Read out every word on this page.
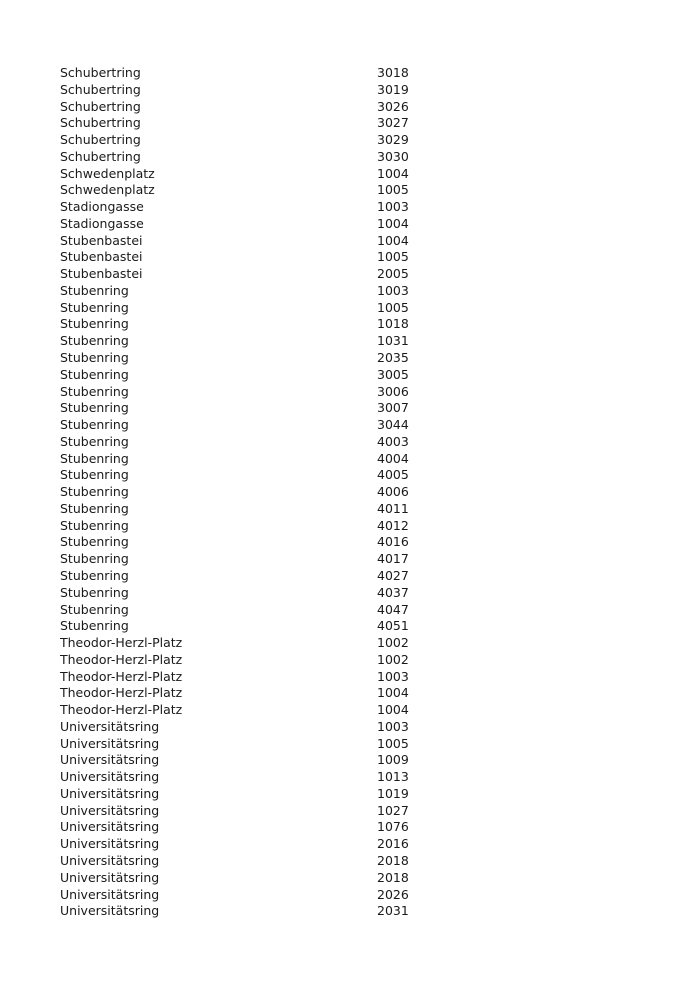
Schubertring	3018
Schubertring	3019
Schubertring	3026
Schubertring	3027
Schubertring	3029
Schubertring	3030
Schwedenplatz	1004
Schwedenplatz	1005
Stadiongasse	1003
Stadiongasse	1004
Stubenbastei	1004
Stubenbastei	1005
Stubenbastei	2005
Stubenring	1003
Stubenring	1005
Stubenring	1018
Stubenring	1031
Stubenring	2035
Stubenring	3005
Stubenring	3006
Stubenring	3007
Stubenring	3044
Stubenring	4003
Stubenring	4004
Stubenring	4005
Stubenring	4006
Stubenring	4011
Stubenring	4012
Stubenring	4016
Stubenring	4017
Stubenring	4027
Stubenring	4037
Stubenring	4047
Stubenring	4051
Theodor-Herzl-Platz	1002
Theodor-Herzl-Platz	1002
Theodor-Herzl-Platz	1003
Theodor-Herzl-Platz	1004
Theodor-Herzl-Platz	1004
Universitätsring	1003
Universitätsring	1005
Universitätsring	1009
Universitätsring	1013
Universitätsring	1019
Universitätsring	1027
Universitätsring	1076
Universitätsring	2016
Universitätsring	2018
Universitätsring	2018
Universitätsring	2026
Universitätsring	2031
